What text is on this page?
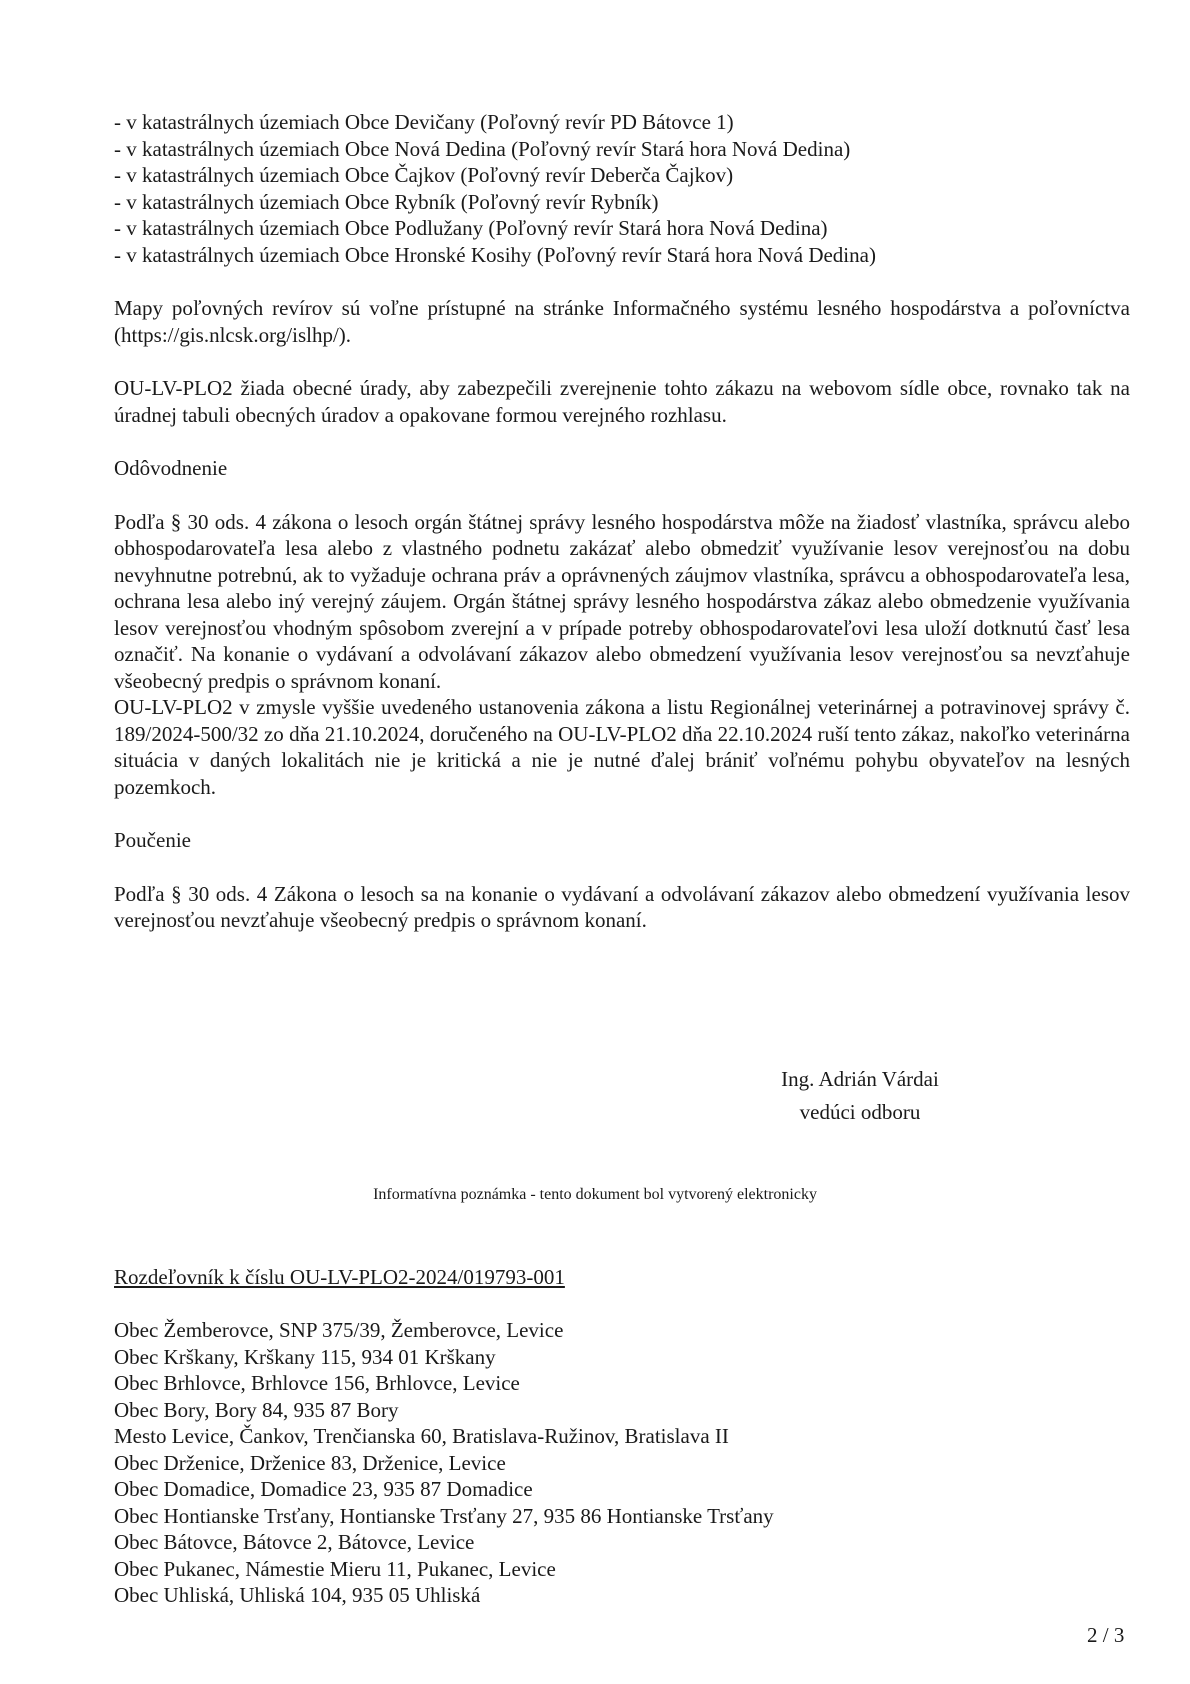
- v katastrálnych územiach Obce Devičany (Poľovný revír PD Bátovce 1)
- v katastrálnych územiach Obce Nová Dedina (Poľovný revír Stará hora Nová Dedina)
- v katastrálnych územiach Obce Čajkov (Poľovný revír Deberča Čajkov)
- v katastrálnych územiach Obce Rybník (Poľovný revír Rybník)
- v katastrálnych územiach Obce Podlužany (Poľovný revír Stará hora Nová Dedina)
- v katastrálnych územiach Obce Hronské Kosihy (Poľovný revír Stará hora Nová Dedina)

Mapy poľovných revírov sú voľne prístupné na stránke Informačného systému lesného hospodárstva a poľovníctva (https://gis.nlcsk.org/islhp/).

OU-LV-PLO2 žiada obecné úrady, aby zabezpečili zverejnenie tohto zákazu na webovom sídle obce, rovnako tak na úradnej tabuli obecných úradov a opakovane formou verejného rozhlasu.

Odôvodnenie

Podľa § 30 ods. 4 zákona o lesoch orgán štátnej správy lesného hospodárstva môže na žiadosť vlastníka, správcu alebo obhospodarovateľa lesa alebo z vlastného podnetu zakázať alebo obmedziť využívanie lesov verejnosťou na dobu nevyhnutne potrebnú, ak to vyžaduje ochrana práv a oprávnených záujmov vlastníka, správcu a obhospodarovateľa lesa, ochrana lesa alebo iný verejný záujem. Orgán štátnej správy lesného hospodárstva zákaz alebo obmedzenie využívania lesov verejnosťou vhodným spôsobom zverejní a v prípade potreby obhospodarovateľovi lesa uloží dotknutú časť lesa označiť. Na konanie o vydávaní a odvolávaní zákazov alebo obmedzení využívania lesov verejnosťou sa nevzťahuje všeobecný predpis o správnom konaní.

OU-LV-PLO2 v zmysle vyššie uvedeného ustanovenia zákona a listu Regionálnej veterinárnej a potravinovej správy č. 189/2024-500/32 zo dňa 21.10.2024, doručeného na OU-LV-PLO2 dňa 22.10.2024 ruší tento zákaz, nakoľko veterinárna situácia v daných lokalitách nie je kritická a nie je nutné ďalej brániť voľnému pohybu obyvateľov na lesných pozemkoch.

Poučenie

Podľa § 30 ods. 4 Zákona o lesoch sa na konanie o vydávaní a odvolávaní zákazov alebo obmedzení využívania lesov verejnosťou nevzťahuje všeobecný predpis o správnom konaní.

Ing. Adrián Várdai
vedúci odboru
Informatívna poznámka - tento dokument bol vytvorený elektronicky
Rozdeľovník k číslu OU-LV-PLO2-2024/019793-001
Obec Žemberovce, SNP 375/39, Žemberovce, Levice
Obec Krškany, Krškany 115, 934 01 Krškany
Obec Brhlovce, Brhlovce 156, Brhlovce, Levice
Obec Bory, Bory 84, 935 87 Bory
Mesto Levice, Čankov, Trenčianska 60, Bratislava-Ružinov, Bratislava II
Obec Drženice, Drženice 83, Drženice, Levice
Obec Domadice, Domadice 23, 935 87 Domadice
Obec Hontianske Trsťany, Hontianske Trsťany 27, 935 86 Hontianske Trsťany
Obec Bátovce, Bátovce 2, Bátovce, Levice
Obec Pukanec, Námestie Mieru 11, Pukanec, Levice
Obec Uhliská, Uhliská 104, 935 05 Uhliská
2 / 3
